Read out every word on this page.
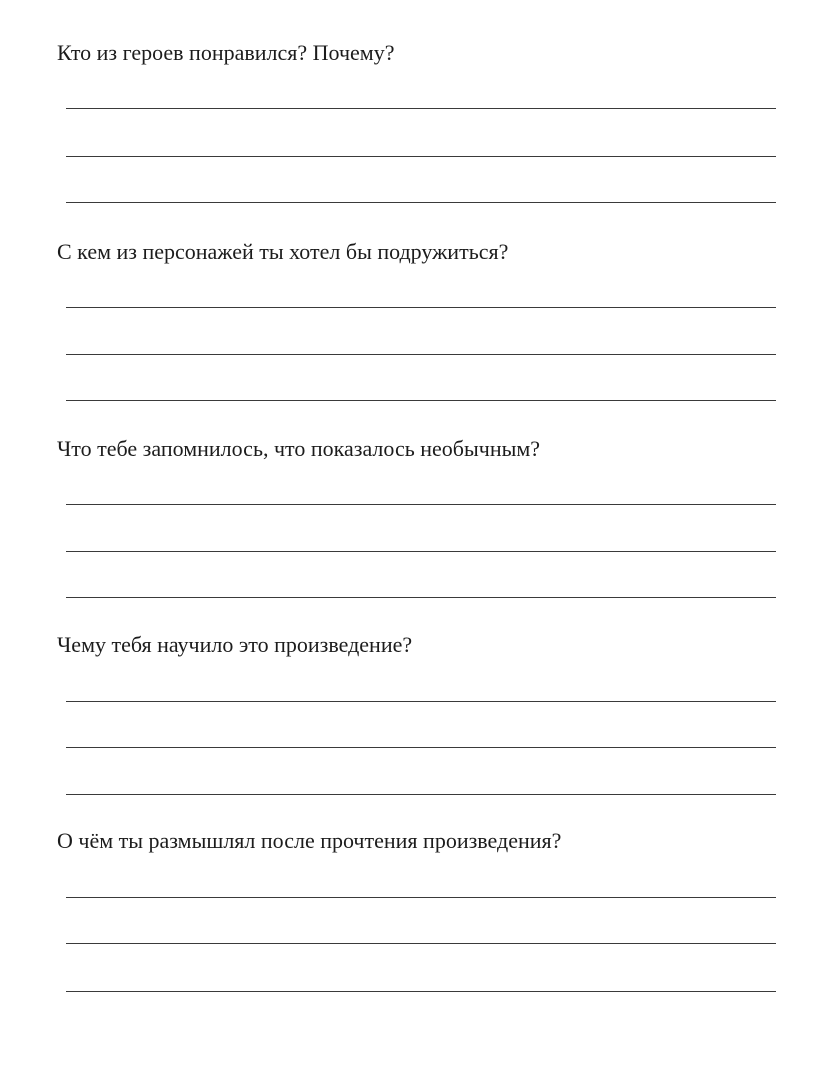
Кто из героев понравился? Почему?

С кем из персонажей ты хотел бы подружиться?

Что тебе запомнилось, что показалось необычным?

Чему тебя научило это произведение?

О чём ты размышлял после прочтения произведения?
